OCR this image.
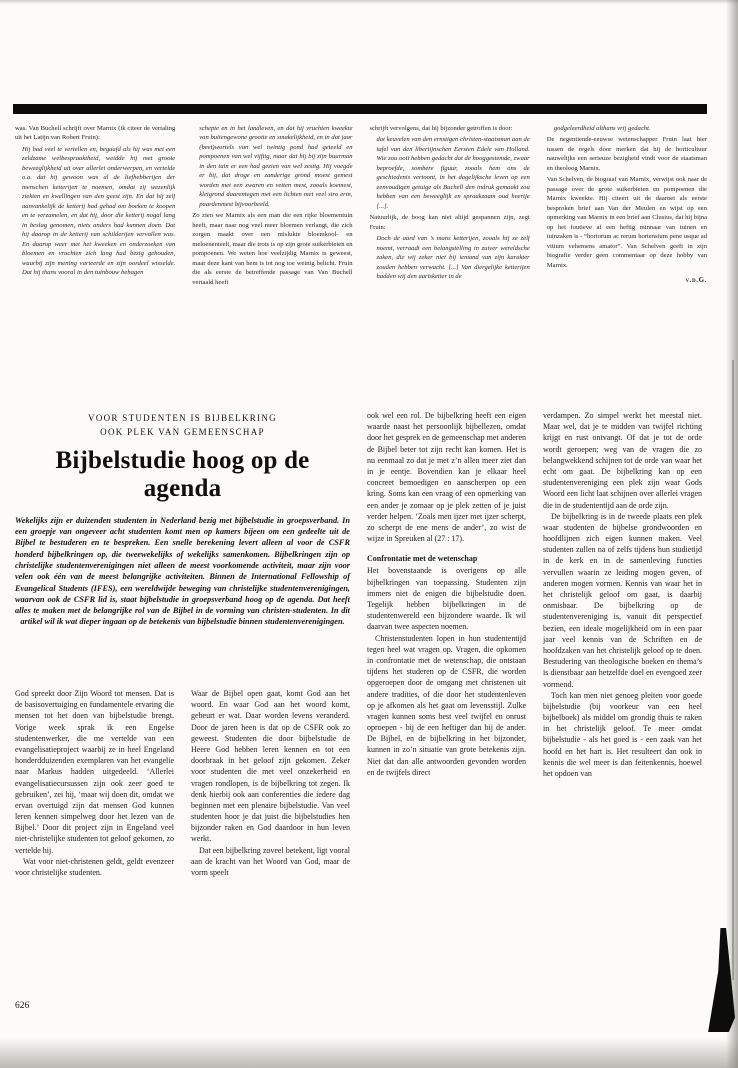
was. Van Buchell schrijft over Marnix (ik citeer de vertaling uit het Latijn van Robert Fruin):

Hij had veel te vertellen en, begaafd als hij was met een zeldzame welbespraaktheid, weidde hij met groote beweeglijkheid uit over allerlei onderwerpen, en vertelde o.a. dat hij gewoon was al de liefhebberijen der menschen ketterijen te noemen, omdat zij wezenlijk ziekten en kwellingen van den geest zijn. En dat hij zelf aanvankelijk de ketterij had gehad om boeken te koopen en te verzamelen, en dat hij, door die ketterij nogal lang in beslag genomen, niets anders had kunnen doen. Dat hij daarop in de ketterij van schilderijen vervallen was. En daarop weer met het kweeken en onderzoeken van bloemen en vruchten zich lang had bezig gehouden, waarbij zijn mening varieerde en zijn oordeel wisselde. Dat hij thans vooral in den tuinbouw behagen

schepte en in het landleven, en dat hij vruchten kweekte van buitengewone grootte en smakelijkheid, en in dat jaar (beet)wortels van wel twintig pond had geteeld en pompoenen van wel vijftig, maar dat hij bij zijn buurman in den tuin er een had gezien van wel zestig. Hij voegde er bij, dat droge en zanderige grond moest gemest worden met een zwaren en vetten mest, zooals koemest, kleigrond daarentegen met een lichten met veel stro erin, paardenmest bijvoorbeeld.

Zo zien we Marnix als een man die een rijke bloementuin heeft, maar naar nog veel meer bloemen verlangt, die zich zorgen maakt over een mislukte bloemkool- en meloenenteelt, maar die trots is op zijn grote suikerbieten en pompoenen. We weten hoe veelzijdig Marnix is geweest, maar deze kant van hem is tot nog toe weinig belicht. Fruin die als eerste de betreffende passage van Van Buchell vertaald heeft

schrijft vervolgens, dat hij bijzonder getroffen is door:

dat keuvelen van den ernstigen christen-staatsman aan de tafel van den libertijnschen Eersten Edele van Holland. Wie zou ooit hebben gedacht dat de hooggestemde, zwaar beproefde, sombere figuur, zooals hem ons de geschiedenis vertoont, in het dagelijksche leven op een eenvoudigen getuige als Buchell den indruk gemaakt zou hebben van een beweeglijk en spraakzaam oud heertje [...].

Natuurlijk, de boog kan niet altijd gespannen zijn, zegt Fruin:

Doch de aard van ’s mans ketterijen, zooals hij ze zelf noemt, verraadt een belangstelling in zuiver wereldsche zaken, die wij zeker niet bij iemand van zijn karakter zouden hebben verwacht. [...] Van diergelijke ketterijen hadden wij den aartsketter in de

godgeleerdheid althans vrij gedacht.

De negentiende-eeuwse wetenschapper Fruin laat hier tussen de regels door merken dat hij de horticultuur nauwelijks een serieuze bezigheid vindt voor de staatsman en theoloog Marnix.

Van Schelven, de biograaf van Marnix, verwijst ook naar de passage over de grote suikerbieten en pompoenen die Marnix kweekte. Hij citeert uit de daarnet als eerste besproken brief aan Van der Meulen en wijst op een opmerking van Marnix in een brief aan Clusius, dat hij bijna op het foutieve af een heftig minnaar van tuinen en tuinzaken is - “hortorum ac rerum hortensium pene usque ad vitium vehemens amator”. Van Schelven geeft in zijn biografie verder geen commentaar op deze hobby van Marnix.

v.d.G.

VOOR STUDENTEN IS BIJBELKRING
OOK PLEK VAN GEMEENSCHAP
Bijbelstudie hoog op de agenda

Wekelijks zijn er duizenden studenten in Nederland bezig met bijbelstudie in groepsverband. In een groepje van ongeveer acht studenten komt men op kamers bijeen om een gedeelte uit de Bijbel te bestuderen en te bespreken. Een snelle berekening levert alleen al voor de CSFR honderd bijbelkringen op, die tweewekelijks of wekelijks samenkomen. Bijbelkringen zijn op christelijke studentenverenigingen niet alleen de meest voorkomende activiteit, maar zijn voor velen ook één van de meest belangrijke activiteiten. Binnen de International Fellowship of Evangelical Students (IFES), een wereldwijde beweging van christelijke studentenverenigingen, waarvan ook de CSFR lid is, staat bijbelstudie in groepsverband hoog op de agenda. Dat heeft alles te maken met de belangrijke rol van de Bijbel in de vorming van christen-studenten. In dit artikel wil ik wat dieper ingaan op de betekenis van bijbelstudie binnen studentenverenigingen.

God spreekt door Zijn Woord tot mensen. Dat is de basisovertuiging en fundamentele ervaring die mensen tot het doen van bijbelstudie brengt. Vorige week sprak ik een Engelse studentenwerker, die me vertelde van een evangelisatieproject waarbij ze in heel Engeland honderdduizenden exemplaren van het evangelie naar Markus hadden uitgedeeld. ‘Allerlei evangelisatiecursussen zijn ook zeer goed te gebruiken’, zei hij, ‘maar wij doen dit, omdat we ervan overtuigd zijn dat mensen God kunnen leren kennen simpelweg door het lezen van de Bijbel.’ Door dit project zijn in Engeland veel niet-christelijke studenten tot geloof gekomen, zo vertelde hij.

Wat voor niet-christenen geldt, geldt evenzeer voor christelijke studenten.

Waar de Bijbel open gaat, komt God aan het woord. En waar God aan het woord komt, gebeurt er wat. Daar worden levens veranderd. Door de jaren heen is dat op de CSFR ook zo geweest. Studenten die door bijbelstudie de Heere God hebben leren kennen en tot een doorbraak in het geloof zijn gekomen. Zeker voor studenten die met veel onzekerheid en vragen rondlopen, is de bijbelkring tot zegen. Ik denk hierbij ook aan conferenties die iedere dag beginnen met een plenaire bijbelstudie. Van veel studenten hoor je dat juist die bijbelstudies hen bijzonder raken en God daardoor in hun leven werkt.

Dat een bijbelkring zoveel betekent, ligt vooral aan de kracht van het Woord van God, maar de vorm speelt

ook wel een rol. De bijbelkring heeft een eigen waarde naast het persoonlijk bijbellezen, omdat door het gesprek en de gemeenschap met anderen de Bijbel beter tot zijn recht kan komen. Het is nu eenmaal zo dat je met z’n allen meer ziet dan in je eentje. Bovendien kan je elkaar heel concreet bemoedigen en aanscherpen op een kring. Soms kan een vraag of een opmerking van een ander je zomaar op je plek zetten of je juist verder helpen. ‘Zoals men ijzer met ijzer scherpt, zo scherpt de ene mens de ander’, zo wist de wijze in Spreuken al (27 : 17).

Confrontatie met de wetenschap

Het bovenstaande is overigens op alle bijbelkringen van toepassing. Studenten zijn immers niet de enigen die bijbelstudie doen. Tegelijk hebben bijbelkringen in de studentenwereld een bijzondere waarde. Ik wil daarvan twee aspecten noemen.

Christenstudenten lopen in hun studententijd tegen heel wat vragen op. Vragen, die opkomen in confrontatie met de wetenschap, die ontstaan tijdens het studeren op de CSFR, die worden opgeroepen door de omgang met christenen uit andere tradities, of die door het studentenleven op je afkomen als het gaat om levensstijl. Zulke vragen kunnen soms best veel twijfel en onrust oproepen - bij de een heftiger dan bij de ander. De Bijbel, en de bijbelkring in het bijzonder, kunnen in zo’n situatie van grote betekenis zijn. Niet dat dan alle antwoorden gevonden worden en de twijfels direct

verdampen. Zo simpel werkt het meestal niet. Maar wel, dat je te midden van twijfel richting krijgt en rust ontvangt. Of dat je tot de orde wordt geroepen; weg van de vragen die zo belangwekkend schijnen tot de orde van waar het echt om gaat. De bijbelkring kan op een studentenvereniging een plek zijn waar Gods Woord een licht laat schijnen over allerlei vragen die in de studententijd aan de orde zijn.

De bijbelkring is in de tweede plaats een plek waar studenten de bijbelse grondwoorden en hoofdlijnen zich eigen kunnen maken. Veel studenten zullen na of zelfs tijdens hun studietijd in de kerk en in de samenleving functies vervullen waarin ze leiding mogen geven, of anderen mogen vormen. Kennis van waar het in het christelijk geloof om gaat, is daarbij onmisbaar. De bijbelkring op de studentenvereniging is, vanuit dit perspectief bezien, een ideale mogelijkheid om in een paar jaar veel kennis van de Schriften en de hoofdzaken van het christelijk geloof op te doen. Bestudering van theologische boeken en thema’s is dienstbaar aan hetzelfde doel en evengoed zeer vormend.

Toch kan men niet genoeg pleiten voor goede bijbelstudie (bij voorkeur van een heel bijbelboek) als middel om grondig thuis te raken in het christelijk geloof. Te meer omdat bijbelstudie - als het goed is - een zaak van het hoofd en het hart is. Het resulteert dan ook in kennis die wel meer is dan feitenkennis, hoewel het opdoen van

626
